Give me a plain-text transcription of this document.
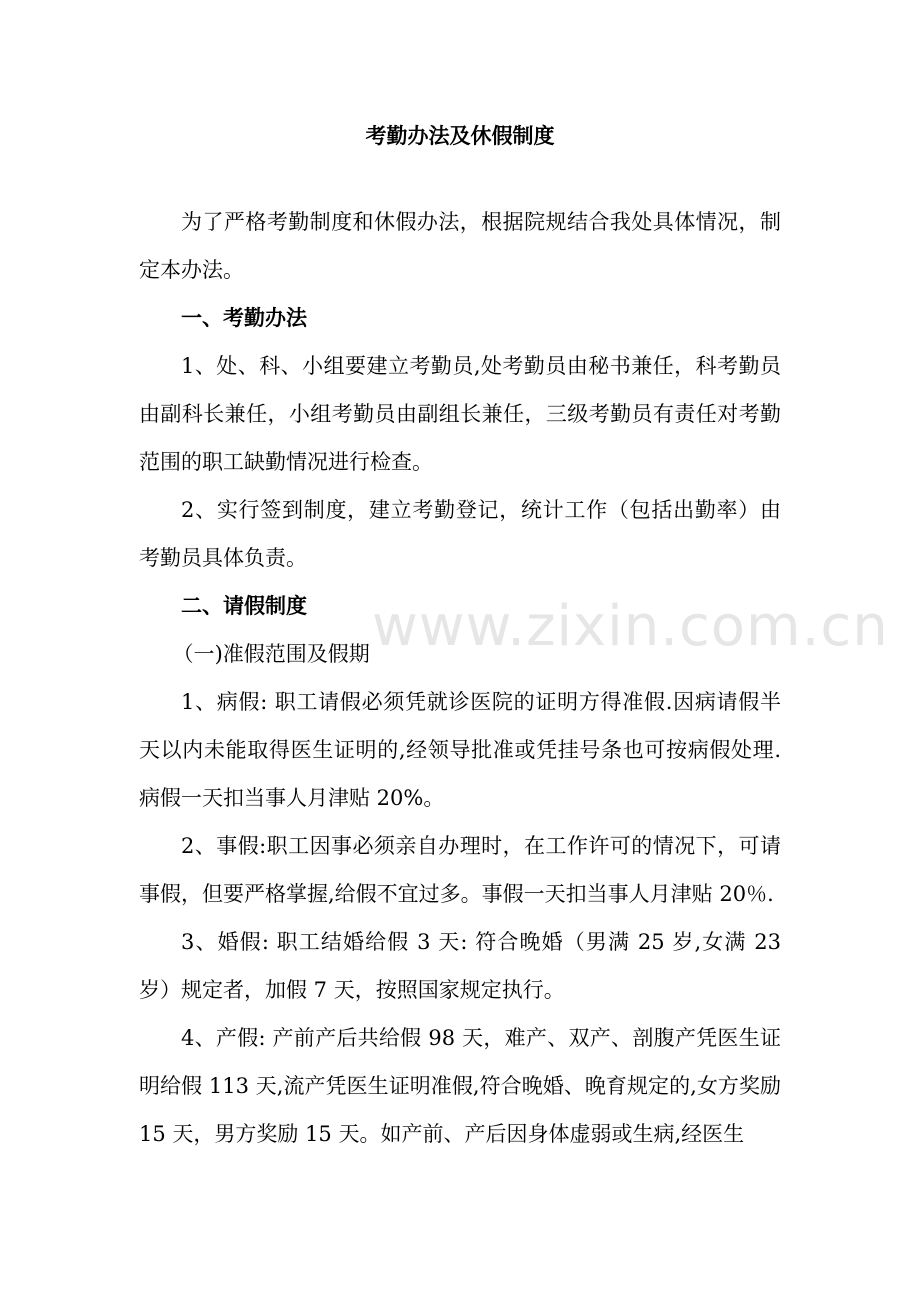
www.zixin.com.cn
考勤办法及休假制度

为了严格考勤制度和休假办法，根据院规结合我处具体情况，制定本办法。

一、考勤办法

1、处、科、小组要建立考勤员,处考勤员由秘书兼任，科考勤员由副科长兼任，小组考勤员由副组长兼任，三级考勤员有责任对考勤范围的职工缺勤情况进行检查。

2、实行签到制度，建立考勤登记，统计工作（包括出勤率）由考勤员具体负责。

二、请假制度

（一)准假范围及假期

1、病假: 职工请假必须凭就诊医院的证明方得准假.因病请假半天以内未能取得医生证明的,经领导批准或凭挂号条也可按病假处理.病假一天扣当事人月津贴 20%。

2、事假:职工因事必须亲自办理时，在工作许可的情况下，可请事假，但要严格掌握,给假不宜过多。事假一天扣当事人月津贴 20％.

3、婚假: 职工结婚给假 3 天: 符合晚婚（男满 25 岁,女满 23 岁）规定者，加假 7 天，按照国家规定执行。

4、产假: 产前产后共给假 98 天，难产、双产、剖腹产凭医生证明给假 113 天,流产凭医生证明准假,符合晚婚、晚育规定的,女方奖励 15 天，男方奖励 15 天。如产前、产后因身体虚弱或生病,经医生
